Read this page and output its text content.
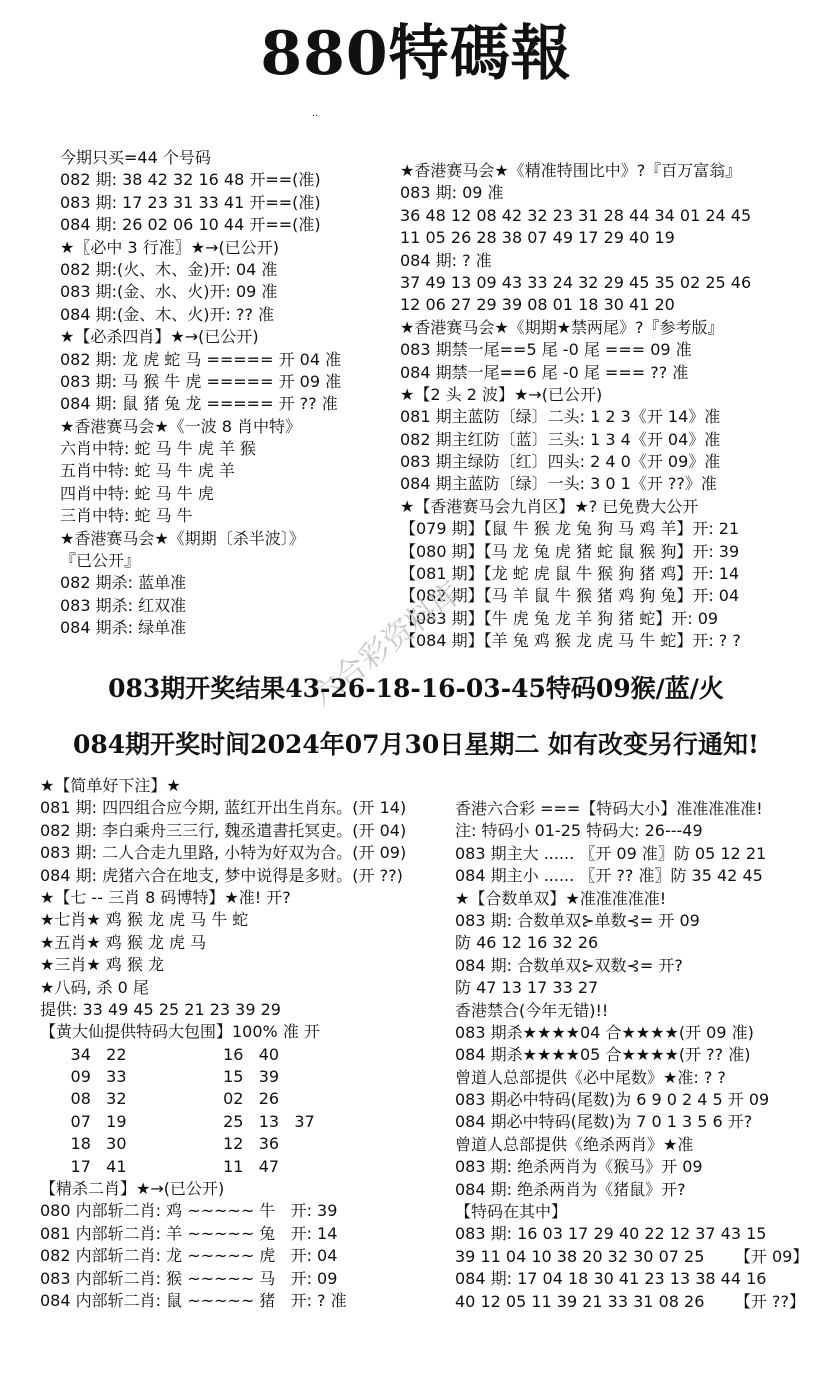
880特碼報
..
今期只买=44 个号码
082 期: 38 42 32 16 48 开==(准)
083 期: 17 23 31 33 41 开==(准)
084 期: 26 02 06 10 44 开==(准)
★〖必中 3 行准〗★→(已公开)
082 期:(火、木、金)开: 04 准
083 期:(金、水、火)开: 09 准
084 期:(金、木、火)开: ?? 准
★【必杀四肖】★→(已公开)
082 期: 龙 虎 蛇 马 ===== 开 04 准
083 期: 马 猴 牛 虎 ===== 开 09 准
084 期: 鼠 猪 兔 龙 ===== 开 ?? 准
★香港赛马会★《一波 8 肖中特》
六肖中特: 蛇 马 牛 虎 羊 猴
五肖中特: 蛇 马 牛 虎 羊
四肖中特: 蛇 马 牛 虎
三肖中特: 蛇 马 牛
★香港赛马会★《期期〔杀半波〕》
『已公开』
082 期杀: 蓝单准
083 期杀: 红双准
084 期杀: 绿单准
★香港赛马会★《精准特围比中》?『百万富翁』
083 期: 09 准
36 48 12 08 42 32 23 31 28 44 34 01 24 45
11 05 26 28 38 07 49 17 29 40 19
084 期: ? 准
37 49 13 09 43 33 24 32 29 45 35 02 25 46
12 06 27 29 39 08 01 18 30 41 20
★香港赛马会★《期期★禁两尾》?『参考版』
083 期禁一尾==5 尾 -0 尾 === 09 准
084 期禁一尾==6 尾 -0 尾 === ?? 准
★【2 头 2 波】★→(已公开)
081 期主蓝防〔绿〕二头: 1 2 3《开 14》准
082 期主红防〔蓝〕三头: 1 3 4《开 04》准
083 期主绿防〔红〕四头: 2 4 0《开 09》准
084 期主蓝防〔绿〕一头: 3 0 1《开 ??》准
★【香港赛马会九肖区】★? 已免费大公开
【079 期】【鼠 牛 猴 龙 兔 狗 马 鸡 羊】开: 21
【080 期】【马 龙 兔 虎 猪 蛇 鼠 猴 狗】开: 39
【081 期】【龙 蛇 虎 鼠 牛 猴 狗 猪 鸡】开: 14
【082 期】【马 羊 鼠 牛 猴 猪 鸡 狗 兔】开: 04
【083 期】【牛 虎 兔 龙 羊 狗 猪 蛇】开: 09
【084 期】【羊 兔 鸡 猴 龙 虎 马 牛 蛇】开: ? ?
六合彩资料库
083期开奖结果43-26-18-16-03-45特码09猴/蓝/火
084期开奖时间2024年07月30日星期二 如有改变另行通知!
★【简单好下注】★
081 期: 四四组合应今期, 蓝红开出生肖东。(开 14)
082 期: 李白乘舟三三行, 魏丞遣書托冥吏。(开 04)
083 期: 二人合走九里路, 小特为好双为合。(开 09)
084 期: 虎猪六合在地支, 梦中说得是多财。(开 ??)
★【七 -- 三肖 8 码博特】★准! 开?
★七肖★ 鸡 猴 龙 虎 马 牛 蛇
★五肖★ 鸡 猴 龙 虎 马
★三肖★ 鸡 猴 龙
★八码, 杀 0 尾
提供: 33 49 45 25 21 23 39 29
【黄大仙提供特码大包围】100% 准 开
34   22                   16   40
09   33                   15   39
08   32                   02   26
07   19                   25   13   37
18   30                   12   36
17   41                   11   47
【精杀二肖】★→(已公开)
080 内部斩二肖: 鸡 ~~~~~ 牛   开: 39
081 内部斩二肖: 羊 ~~~~~ 兔   开: 14
082 内部斩二肖: 龙 ~~~~~ 虎   开: 04
083 内部斩二肖: 猴 ~~~~~ 马   开: 09
084 内部斩二肖: 鼠 ~~~~~ 猪   开: ? 准
香港六合彩 ===【特码大小】准准准准准!
注: 特码小 01-25 特码大: 26---49
083 期主大 ...... 〖开 09 准〗防 05 12 21
084 期主小 ...... 〖开 ?? 准〗防 35 42 45
★【合数单双】★准准准准准!
083 期: 合数单双⊱单数⊰= 开 09
防 46 12 16 32 26
084 期: 合数单双⊱双数⊰= 开?
防 47 13 17 33 27
香港禁合(今年无错)!!
083 期杀★★★★04 合★★★★(开 09 准)
084 期杀★★★★05 合★★★★(开 ?? 准)
曾道人总部提供《必中尾数》★准: ? ?
083 期必中特码(尾数)为 6 9 0 2 4 5 开 09
084 期必中特码(尾数)为 7 0 1 3 5 6 开?
曾道人总部提供《绝杀两肖》★准
083 期: 绝杀两肖为《猴马》开 09
084 期: 绝杀两肖为《猪鼠》开?
【特码在其中】
083 期: 16 03 17 29 40 22 12 37 43 15
39 11 04 10 38 20 32 30 07 25      【开 09】
084 期: 17 04 18 30 41 23 13 38 44 16
40 12 05 11 39 21 33 31 08 26      【开 ??】
